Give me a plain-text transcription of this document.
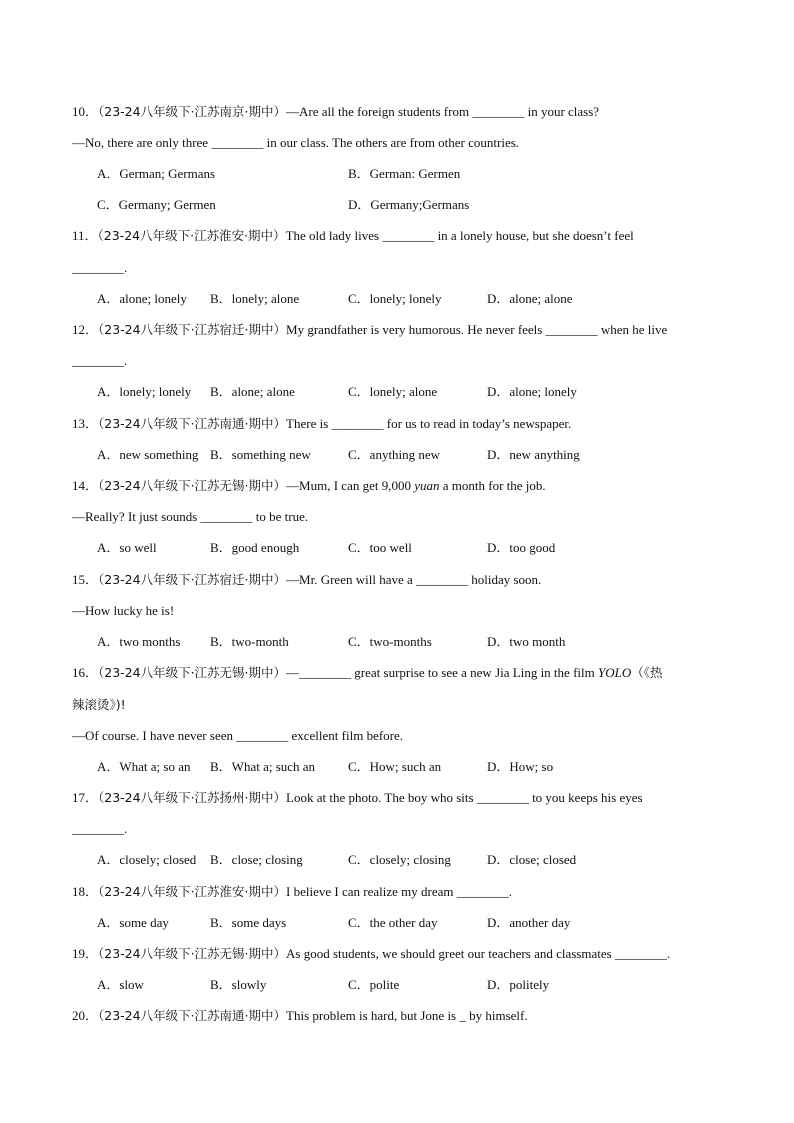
10．（23-24八年级下·江苏南京·期中）—Are all the foreign students from ________ in your class?
—No, there are only three ________ in our class. The others are from other countries.
A．German; Germans	B．German: Germen
C．Germany; Germen	D．Germany;Germans
11．（23-24八年级下·江苏淮安·期中）The old lady lives ________ in a lonely house, but she doesn’t feel
________.
A．alone; lonely B．lonely; alone	C．lonely; lonely	D．alone; alone
12．（23-24八年级下·江苏宿迁·期中）My grandfather is very humorous. He never feels ________ when he live
________.
A．lonely; lonely B．alone; alone	C．lonely; alone	D．alone; lonely
13．（23-24八年级下·江苏南通·期中）There is ________ for us to read in today’s newspaper.
A．new something B．something new	C．anything new	D．new anything
14．（23-24八年级下·江苏无锡·期中）—Mum, I can get 9,000 yuan a month for the job.
—Really? It just sounds ________ to be true.
A．so well	B．good enough	C．too well	D．too good
15．（23-24八年级下·江苏宿迁·期中）—Mr. Green will have a ________ holiday soon.
—How lucky he is!
A．two months B．two-month	C．two-months	D．two month
16．（23-24八年级下·江苏无锡·期中）—________ great surprise to see a new Jia Ling in the film YOLO（《热
辣滚烫》)!
—Of course. I have never seen ________ excellent film before.
A．What a; so an B．What a; such an	C．How; such an	D．How; so
17．（23-24八年级下·江苏扬州·期中）Look at the photo. The boy who sits ________ to you keeps his eyes
________.
A．closely; closed B．close; closing	C．closely; closing	D．close; closed
18．（23-24八年级下·江苏淮安·期中）I believe I can realize my dream ________.
A．some day	B．some days	C．the other day	D．another day
19．（23-24八年级下·江苏无锡·期中）As good students, we should greet our teachers and classmates ________.
A．slow	B．slowly	C．polite	D．politely
20．（23-24八年级下·江苏南通·期中）This problem is hard, but Jone is _ by himself.
